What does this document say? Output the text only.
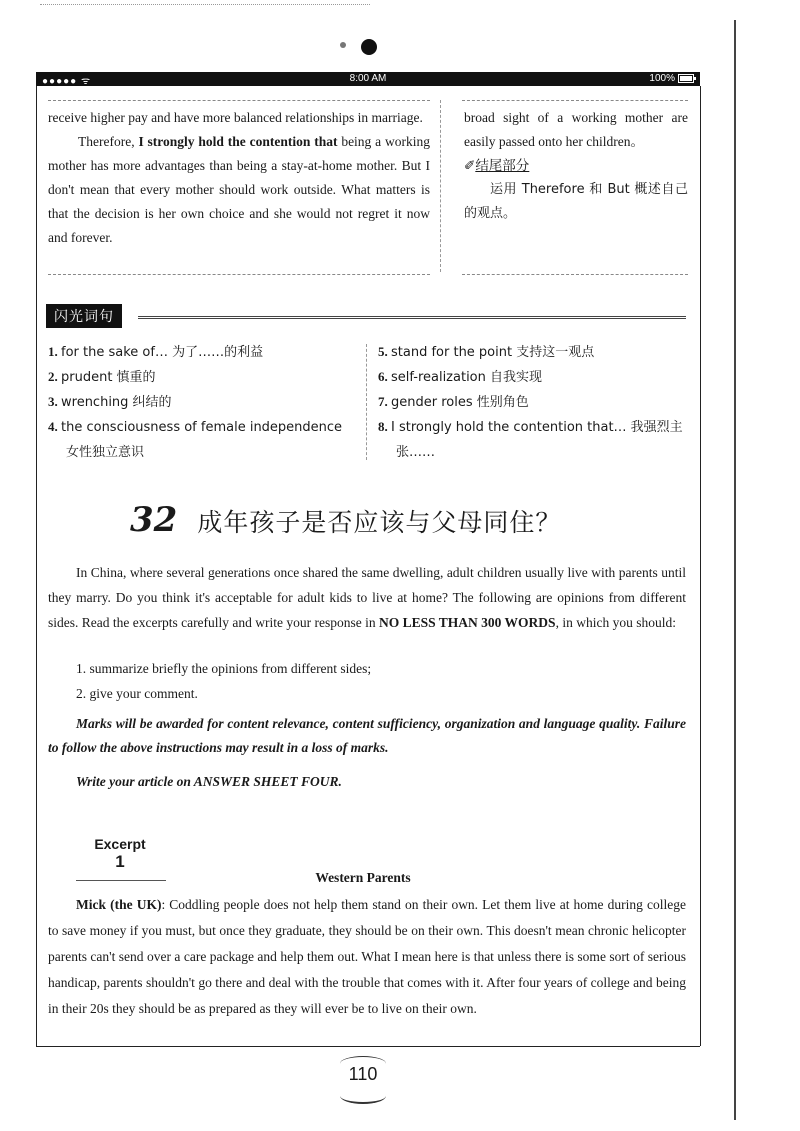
●●●●● ᯤ	8:00 AM	100%
receive higher pay and have more balanced relationships in marriage.
Therefore, I strongly hold the contention that being a working mother has more advantages than being a stay-at-home mother. But I don't mean that every mother should work outside. What matters is that the decision is her own choice and she would not regret it now and forever.
broad sight of a working mother are easily passed onto her children。
✐结尾部分
运用 Therefore 和 But 概述自己的观点。
闪光词句
1. for the sake of… 为了……的利益
2. prudent 慎重的
3. wrenching 纠结的
4. the consciousness of female independence 女性独立意识
5. stand for the point 支持这一观点
6. self-realization 自我实现
7. gender roles 性别角色
8. I strongly hold the contention that… 我强烈主张……
32 成年孩子是否应该与父母同住？
In China, where several generations once shared the same dwelling, adult children usually live with parents until they marry. Do you think it's acceptable for adult kids to live at home? The following are opinions from different sides. Read the excerpts carefully and write your response in NO LESS THAN 300 WORDS, in which you should:
1. summarize briefly the opinions from different sides;
2. give your comment.
Marks will be awarded for content relevance, content sufficiency, organization and language quality. Failure to follow the above instructions may result in a loss of marks.
Write your article on ANSWER SHEET FOUR.
Excerpt
1
Western Parents
Mick (the UK): Coddling people does not help them stand on their own. Let them live at home during college to save money if you must, but once they graduate, they should be on their own. This doesn't mean chronic helicopter parents can't send over a care package and help them out. What I mean here is that unless there is some sort of serious handicap, parents shouldn't go there and deal with the trouble that comes with it. After four years of college and being in their 20s they should be as prepared as they will ever be to live on their own.
110
